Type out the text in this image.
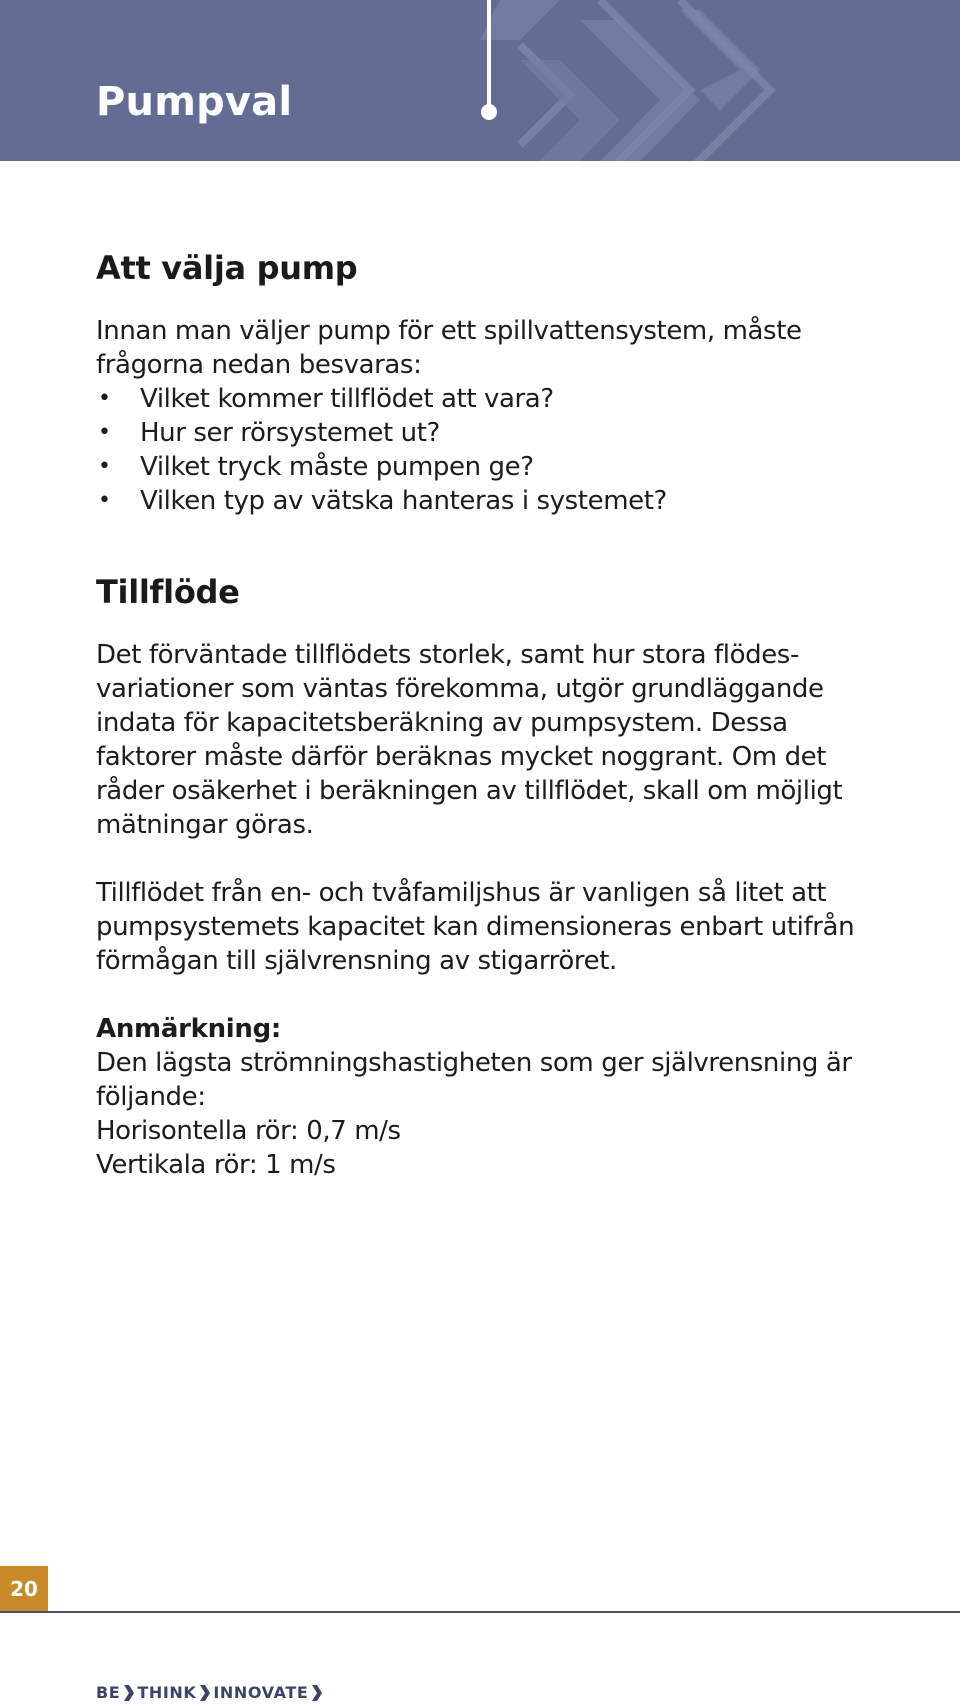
Pumpval
Att välja pump

Innan man väljer pump för ett spillvattensystem, måste frågorna nedan besvaras:

• Vilket kommer tillflödet att vara?
• Hur ser rörsystemet ut?
• Vilket tryck måste pumpen ge?
• Vilken typ av vätska hanteras i systemet?
Tillflöde

Det förväntade tillflödets storlek, samt hur stora flödes-variationer som väntas förekomma, utgör grundläggande indata för kapacitetsberäkning av pumpsystem. Dessa faktorer måste därför beräknas mycket noggrant. Om det råder osäkerhet i beräkningen av tillflödet, skall om möjligt mätningar göras.

Tillflödet från en- och tvåfamiljshus är vanligen så litet att pumpsystemets kapacitet kan dimensioneras enbart utifrån förmågan till självrensning av stigarröret.

Anmärkning:

Den lägsta strömningshastigheten som ger självrensning är följande:

Horisontella rör: 0,7 m/s

Vertikala rör: 1 m/s

20
BE THINK INNOVATE
